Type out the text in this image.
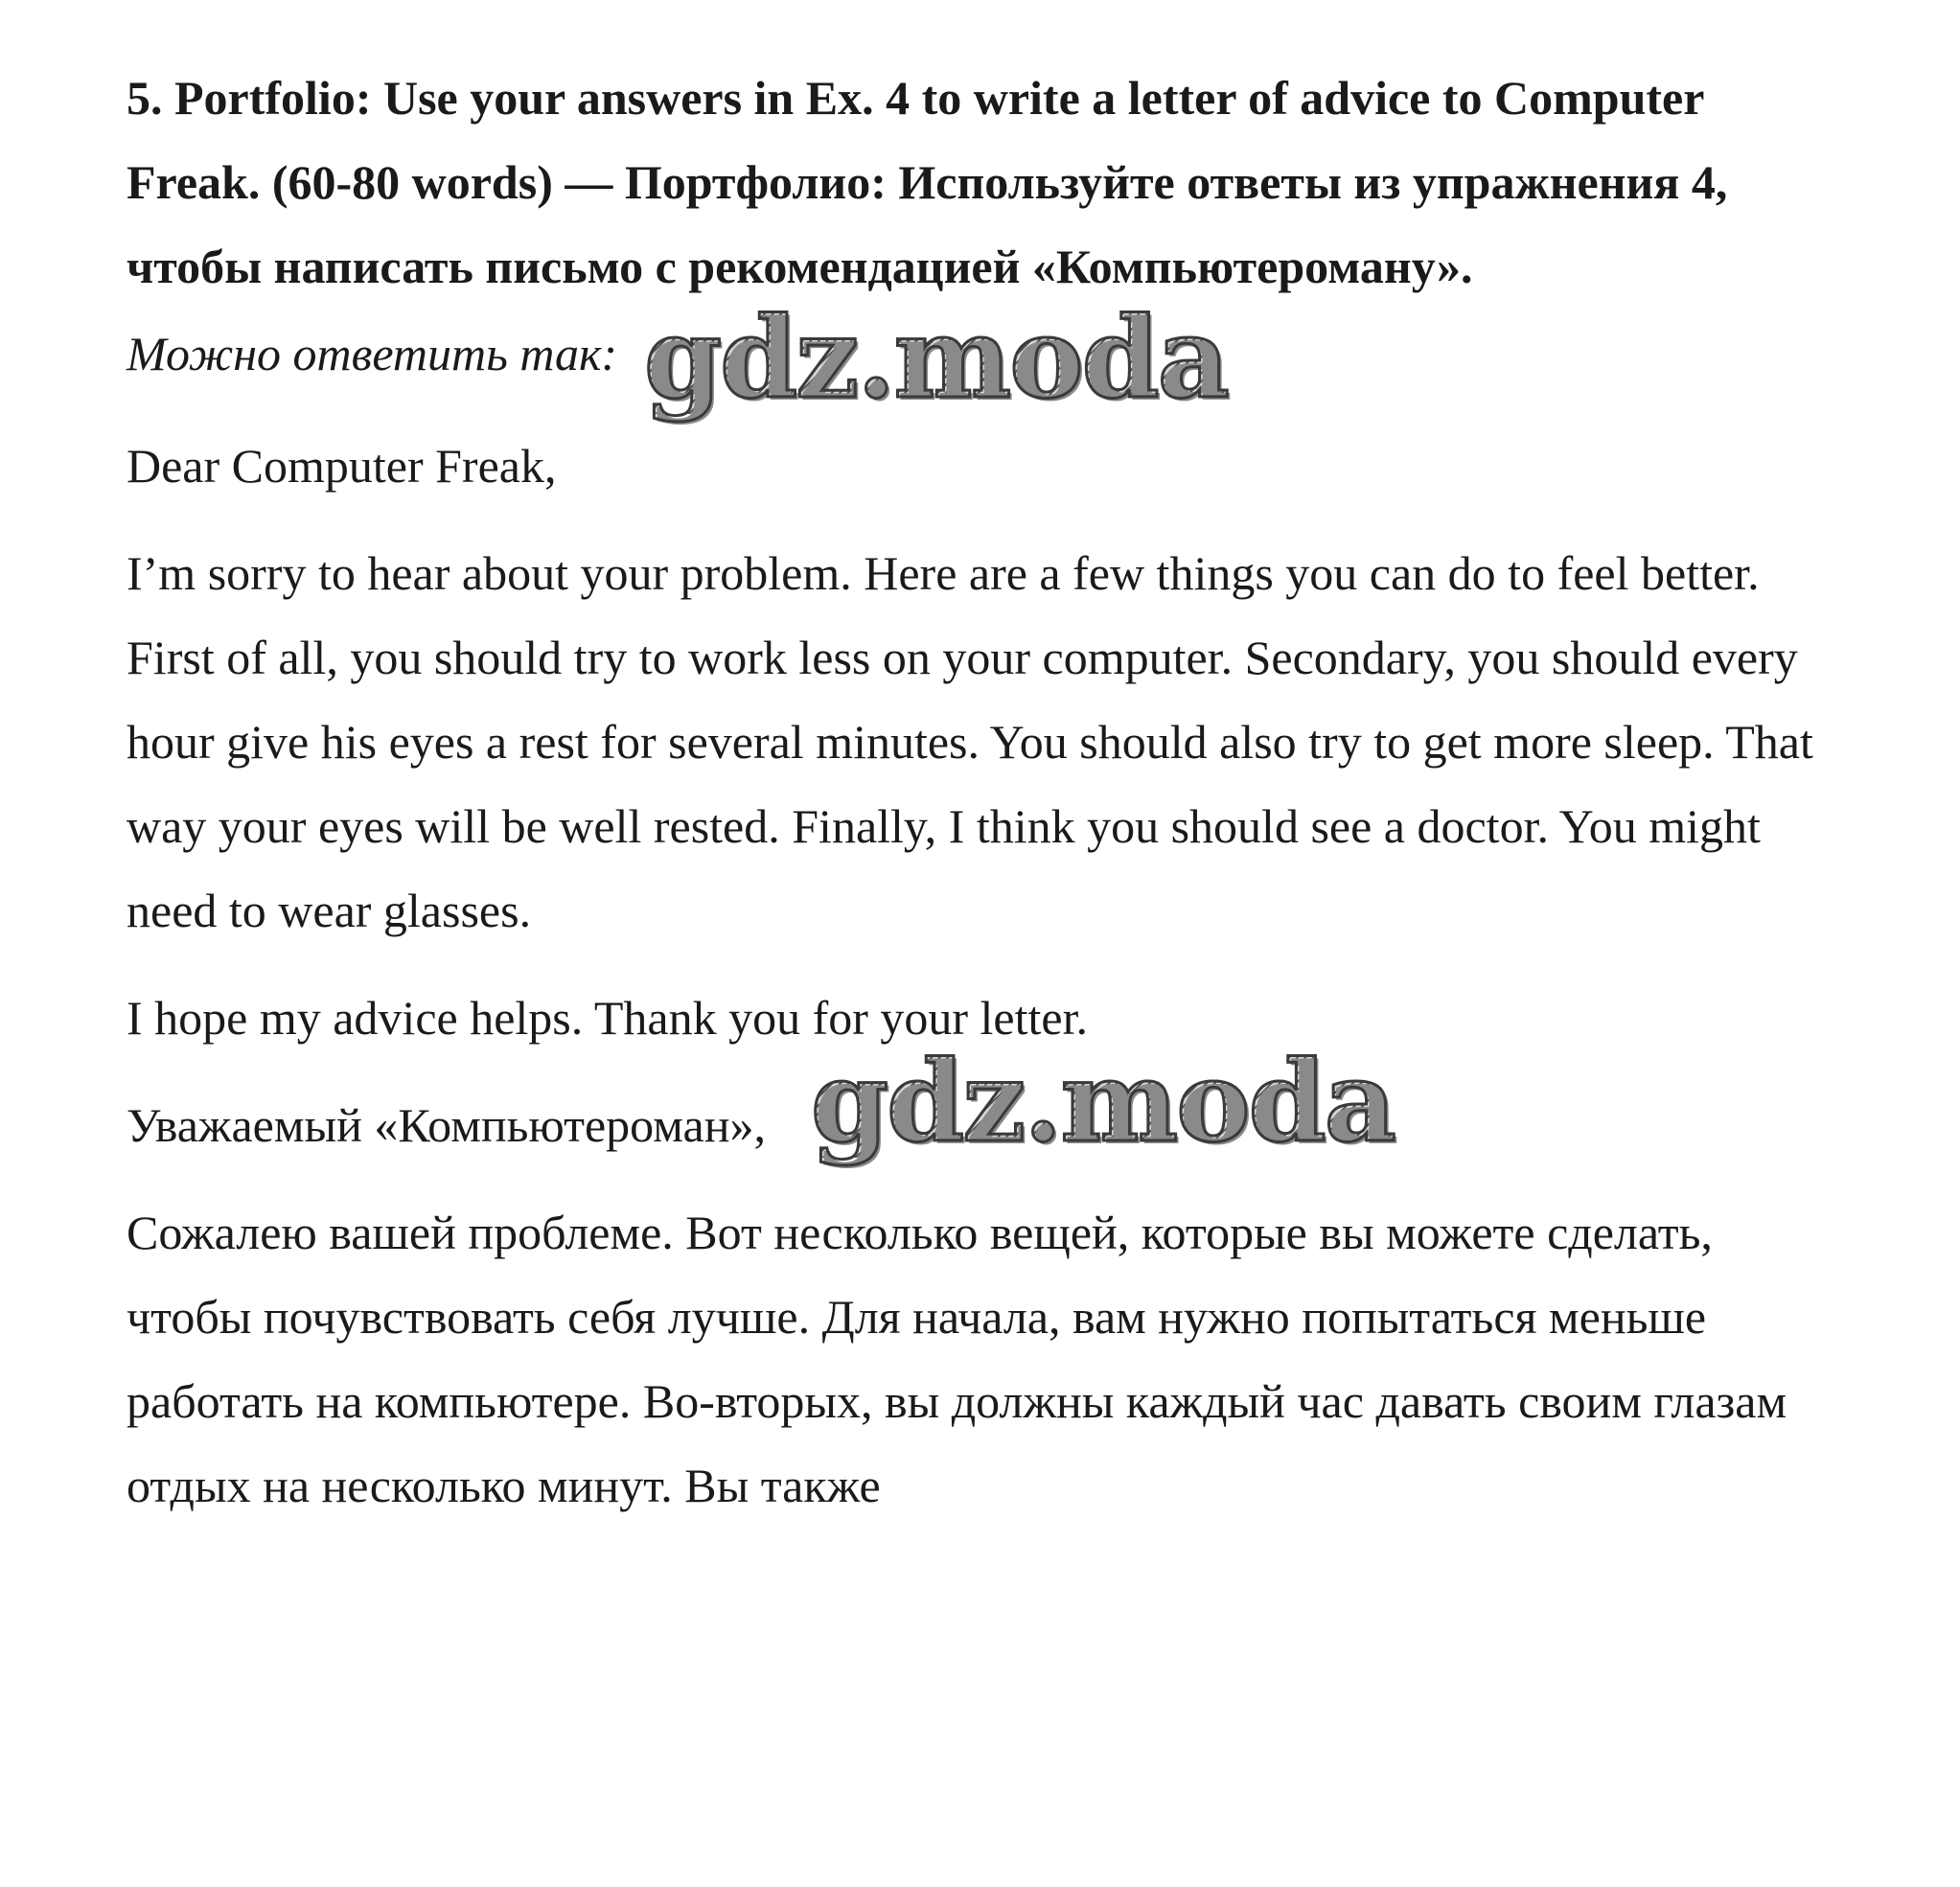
5. Portfolio: Use your answers in Ex. 4 to write a letter of advice to Computer Freak. (60-80 words) — Портфолио: Используйте ответы из упражнения 4, чтобы написать письмо с рекомендацией «Компьютероману».

Можно ответить так:

Dear Computer Freak,

I’m sorry to hear about your problem. Here are a few things you can do to feel better. First of all, you should try to work less on your computer. Secondary, you should every hour give his eyes a rest for several minutes. You should also try to get more sleep. That way your eyes will be well rested. Finally, I think you should see a doctor. You might need to wear glasses.

I hope my advice helps. Thank you for your letter.

Уважаемый «Компьютероман»,

Сожалею вашей проблеме. Вот несколько вещей, которые вы можете сделать, чтобы почувствовать себя лучше. Для начала, вам нужно попытаться меньше работать на компьютере. Во-вторых, вы должны каждый час давать своим глазам отдых на несколько минут. Вы также

gdz.moda
gdz.moda
